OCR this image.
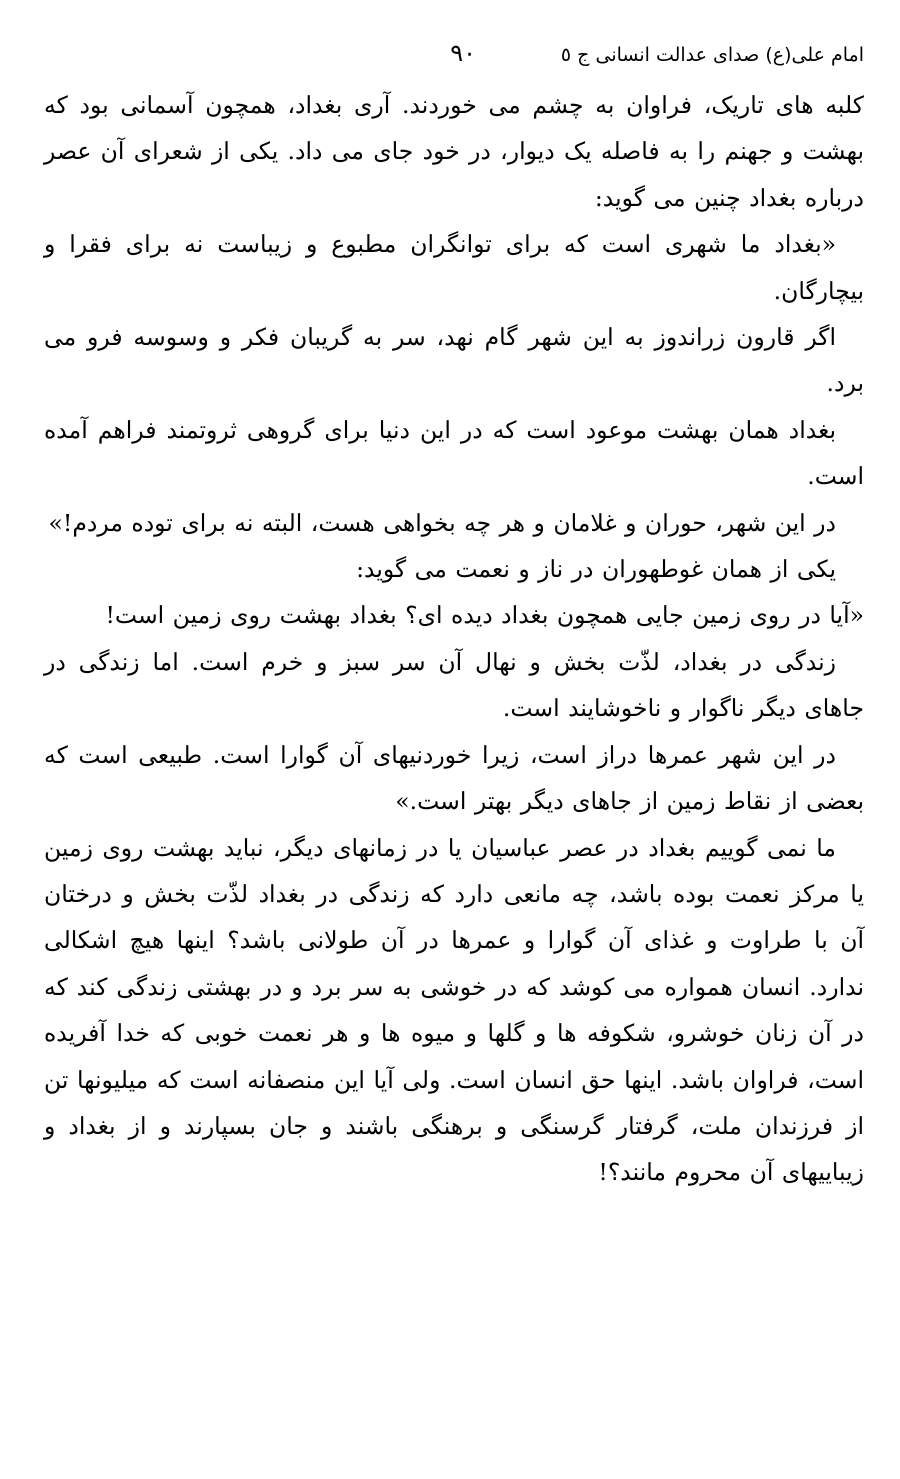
امام علی(ع) صدای عدالت انسانی ج ٥
٩٠

کلبه های تاریک، فراوان به چشم می خوردند. آری بغداد، همچون آسمانی بود که بهشت و جهنم را به فاصله یک دیوار، در خود جای می داد. یکی از شعرای آن عصر درباره بغداد چنین می گوید:

«بغداد ما شهری است که برای توانگران مطبوع و زیباست نه برای فقرا و بیچارگان.

اگر قارون زراندوز به این شهر گام نهد، سر به گریبان فکر و وسوسه فرو می برد.

بغداد همان بهشت موعود است که در این دنیا برای گروهی ثروتمند فراهم آمده است.

در این شهر، حوران و غلامان و هر چه بخواهی هست، البته نه برای توده مردم!»

یکی از همان غوطهوران در ناز و نعمت می گوید:

«آیا در روی زمین جایی همچون بغداد دیده ای؟ بغداد بهشت روی زمین است!

زندگی در بغداد، لذّت بخش و نهال آن سر سبز و خرم است. اما زندگی در جاهای دیگر ناگوار و ناخوشایند است.

در این شهر عمرها دراز است، زیرا خوردنیهای آن گوارا است. طبیعی است که بعضی از نقاط زمین از جاهای دیگر بهتر است.»

ما نمی گوییم بغداد در عصر عباسیان یا در زمانهای دیگر، نباید بهشت روی زمین یا مرکز نعمت بوده باشد، چه مانعی دارد که زندگی در بغداد لذّت بخش و درختان آن با طراوت و غذای آن گوارا و عمرها در آن طولانی باشد؟ اینها هیچ اشکالی ندارد. انسان همواره می کوشد که در خوشی به سر برد و در بهشتی زندگی کند که در آن زنان خوشرو، شکوفه ها و گلها و میوه ها و هر نعمت خوبی که خدا آفریده است، فراوان باشد. اینها حق انسان است. ولی آیا این منصفانه است که میلیونها تن از فرزندان ملت، گرفتار گرسنگی و برهنگی باشند و جان بسپارند و از بغداد و زیباییهای آن محروم مانند؟!
